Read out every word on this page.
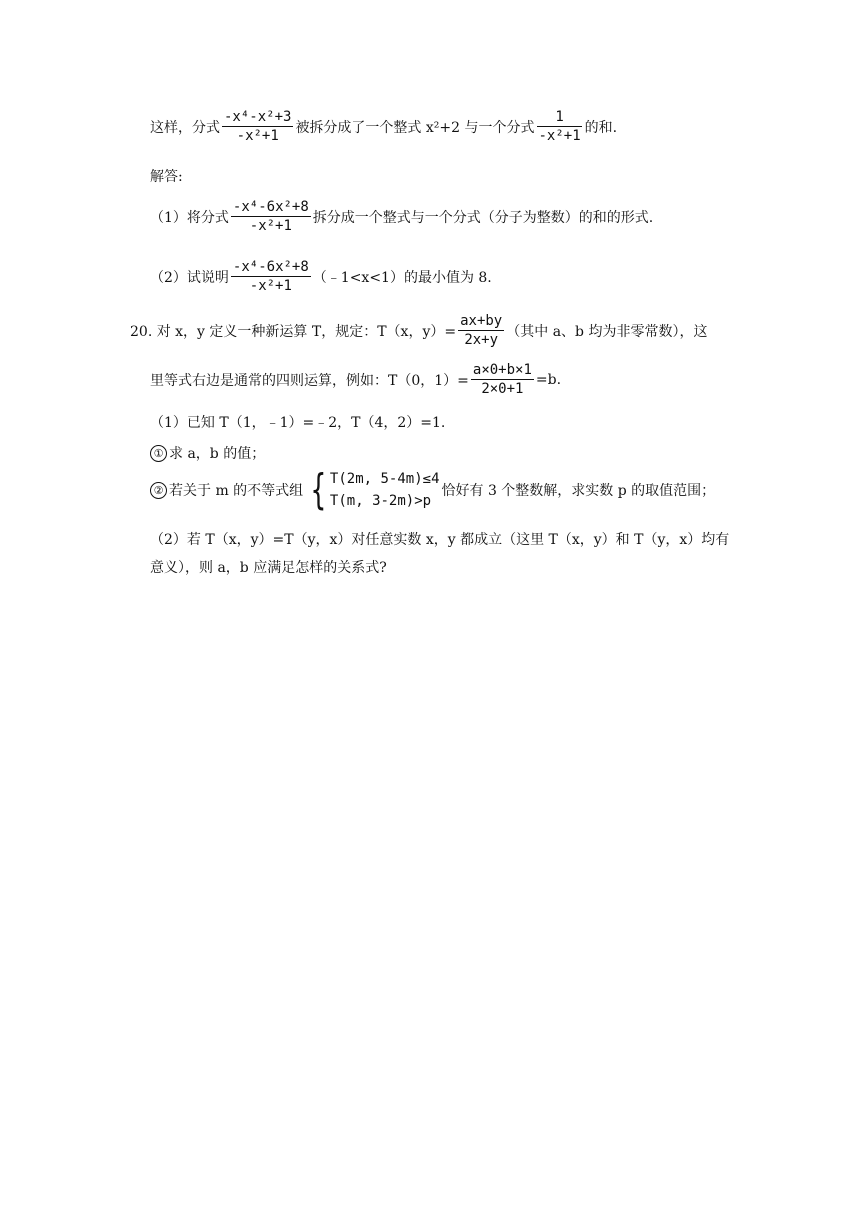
这样，分式 $\frac{\text{-x⁴-x²+3}}{\text{-x²+1}}$ 被拆分成了一个整式 x²+2 与一个分式 $\frac{1}{\text{-x²+1}}$ 的和.
解答:
（1）将分式 $\frac{\text{-x⁴-6x²+8}}{\text{-x²+1}}$ 拆分成一个整式与一个分式（分子为整数）的和的形式.
（2）试说明 $\frac{\text{-x⁴-6x²+8}}{\text{-x²+1}}$ （﹣1<x<1）的最小值为 8.
20. 对 x，y 定义一种新运算 T，规定：T（x，$y)= \frac{ax+by}{2x+y}$ （其中 a、b 均为非零常数），这
里等式右边是通常的四则运算，例如：T（0，$1)= \frac{a\times 0+b\times 1}{2\times 0+1} =b$.
（1）已知 T（1，﹣1）=﹣2，T（4，2）=1.
① 求 a，b 的值；
② 若关于 m 的不等式组 { T(2m, 5-4m)≤4
T(m, 3-2m)>p
恰好有 3 个整数解，求实数 p 的取值范围；
（2）若 T（x，y）=T（y，x）对任意实数 x，y 都成立（这里 T（x，y）和 T（y，x）均有意义），则 a，b 应满足怎样的关系式?
